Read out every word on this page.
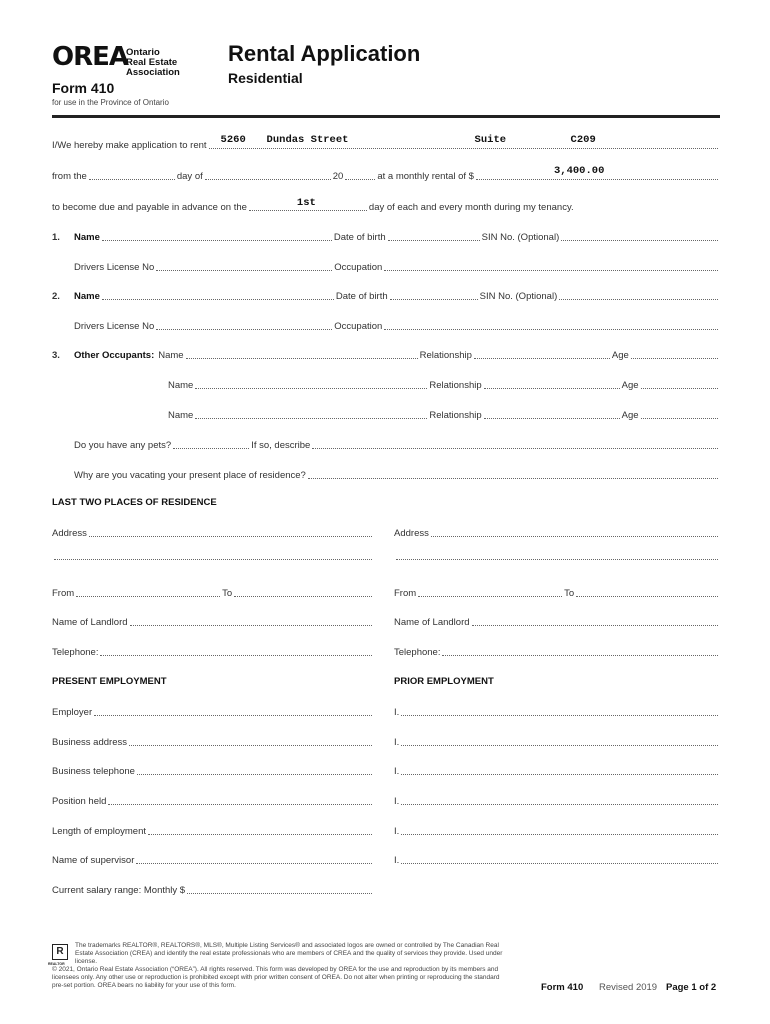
OREA
Ontario Real Estate
Association
Rental Application
Residential
Form 410
for use in the Province of Ontario
I/We hereby make application to rent 5260 Dundas Street	Suite	C209
from the	day of	20	at a monthly rental of $	3,400.00
to become due and payable in advance on the	1st	day of each and every month during my tenancy.
1.	Name	Date of birth	SIN No. (Optional)
Drivers License No	Occupation
2.	Name	Date of birth	SIN No. (Optional)
Drivers License No	Occupation
3.	Other Occupants: Name	Relationship	Age
Name	Relationship	Age
Name	Relationship	Age
Do you have any pets?	If so, describe
Why are you vacating your present place of residence?
LAST TWO PLACES OF RESIDENCE
Address	Address
From	To	From	To
Name of Landlord	Name of Landlord
Telephone:	Telephone:
PRESENT EMPLOYMENT	PRIOR EMPLOYMENT
Employer	I.
Business address	I.
Business telephone	I.
Position held	I.
Length of employment	I.
Name of supervisor	I.
Current salary range: Monthly $
R
REALTOR
The trademarks REALTOR®, REALTORS®, MLS®, Multiple Listing Services® and associated logos are owned or controlled by The Canadian Real Estate Association (CREA) and identify the real estate professionals who are members of CREA and the quality of services they provide. Used under license.
© 2021, Ontario Real Estate Association (“OREA”). All rights reserved. This form was developed by OREA for the use and reproduction by its members and licensees only. Any other use or reproduction is prohibited except with prior written consent of OREA. Do not alter when printing or reproducing the standard pre-set portion. OREA bears no liability for your use of this form.	Form 410 Revised 2019 Page 1 of 2
